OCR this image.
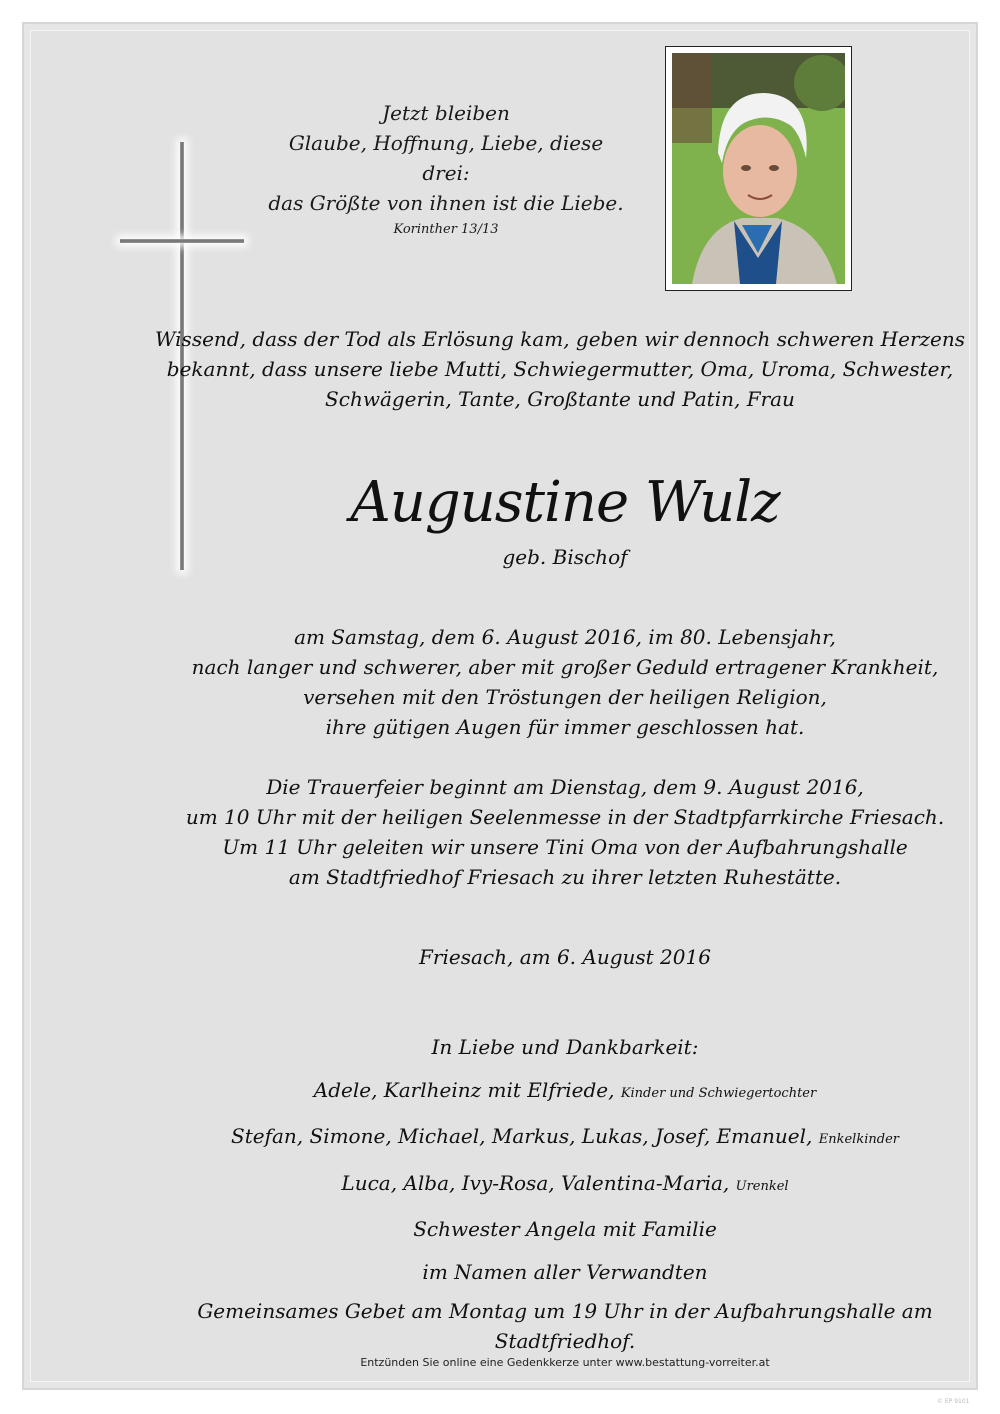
Jetzt bleiben
Glaube, Hoffnung, Liebe, diese drei:
das Größte von ihnen ist die Liebe.
Korinther 13/13
Wissend, dass der Tod als Erlösung kam, geben wir dennoch schweren Herzens
bekannt, dass unsere liebe Mutti, Schwiegermutter, Oma, Uroma, Schwester,
Schwägerin, Tante, Großtante und Patin, Frau
Augustine Wulz
geb. Bischof
am Samstag, dem 6. August 2016, im 80. Lebensjahr,
nach langer und schwerer, aber mit großer Geduld ertragener Krankheit,
versehen mit den Tröstungen der heiligen Religion,
ihre gütigen Augen für immer geschlossen hat.
Die Trauerfeier beginnt am Dienstag, dem 9. August 2016,
um 10 Uhr mit der heiligen Seelenmesse in der Stadtpfarrkirche Friesach.
Um 11 Uhr geleiten wir unsere Tini Oma von der Aufbahrungshalle
am Stadtfriedhof Friesach zu ihrer letzten Ruhestätte.
Friesach, am 6. August 2016
In Liebe und Dankbarkeit:
Adele, Karlheinz mit Elfriede, Kinder und Schwiegertochter
Stefan, Simone, Michael, Markus, Lukas, Josef, Emanuel, Enkelkinder
Luca, Alba, Ivy-Rosa, Valentina-Maria, Urenkel
Schwester Angela mit Familie
im Namen aller Verwandten
Gemeinsames Gebet am Montag um 19 Uhr in der Aufbahrungshalle am Stadtfriedhof.
Entzünden Sie online eine Gedenkkerze unter www.bestattung-vorreiter.at
© EP 9101
